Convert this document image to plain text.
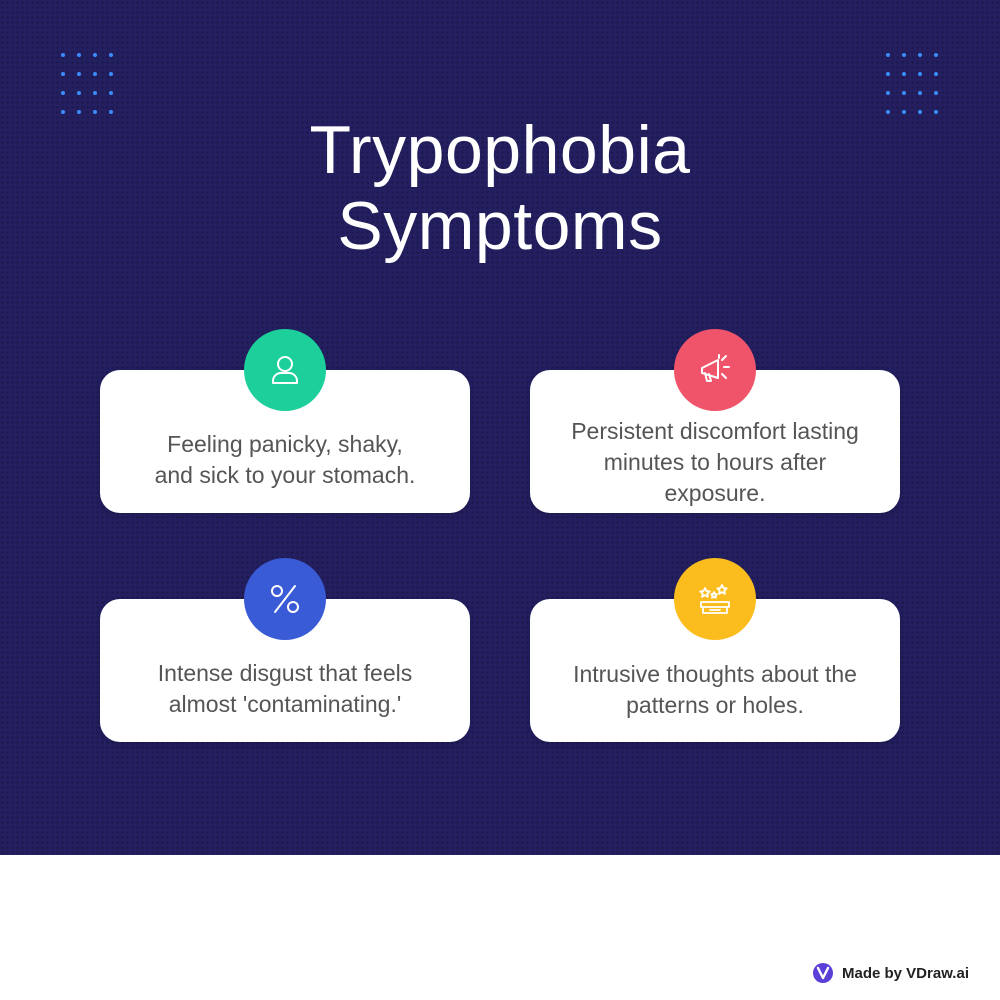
Trypophobia
Symptoms
Feeling panicky, shaky,
and sick to your stomach.
Persistent discomfort lasting
minutes to hours after
exposure.
Intense disgust that feels
almost 'contaminating.'
Intrusive thoughts about the
patterns or holes.
Made by VDraw.ai
